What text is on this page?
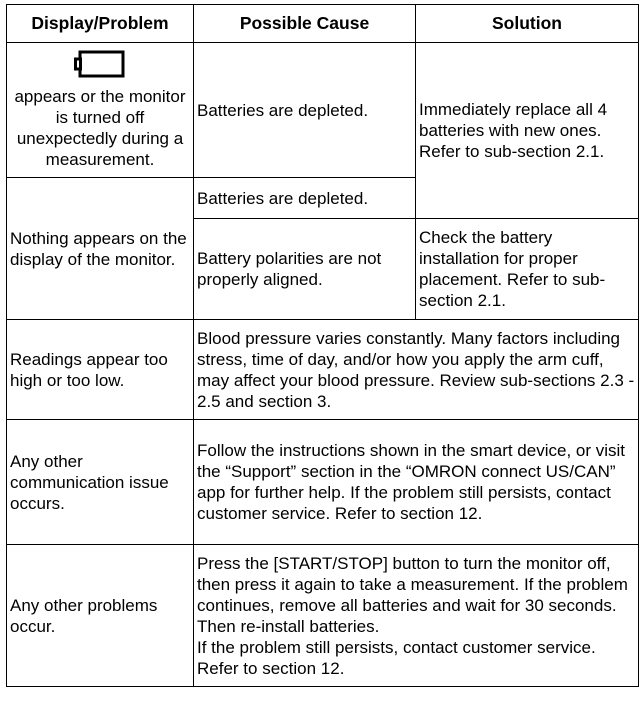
Display/Problem	Possible Cause	Solution

appears or the monitor is turned off unexpectedly during a measurement.	Batteries are depleted.	Immediately replace all 4 batteries with new ones. Refer to sub-section 2.1.
Nothing appears on the display of the monitor.	Batteries are depleted.	
	Battery polarities are not properly aligned.	Check the battery installation for proper placement. Refer to sub-section 2.1.
Readings appear too high or too low.	Blood pressure varies constantly. Many factors including stress, time of day, and/or how you apply the arm cuff, may affect your blood pressure. Review sub-sections 2.3 - 2.5 and section 3.	
Any other communication issue occurs.	Follow the instructions shown in the smart device, or visit the “Support” section in the “OMRON connect US/CAN” app for further help. If the problem still persists, contact customer service. Refer to section 12.	
Any other problems occur.	Press the [START/STOP] button to turn the monitor off, then press it again to take a measurement. If the problem continues, remove all batteries and wait for 30 seconds. Then re-install batteries.
If the problem still persists, contact customer service. Refer to section 12.	
